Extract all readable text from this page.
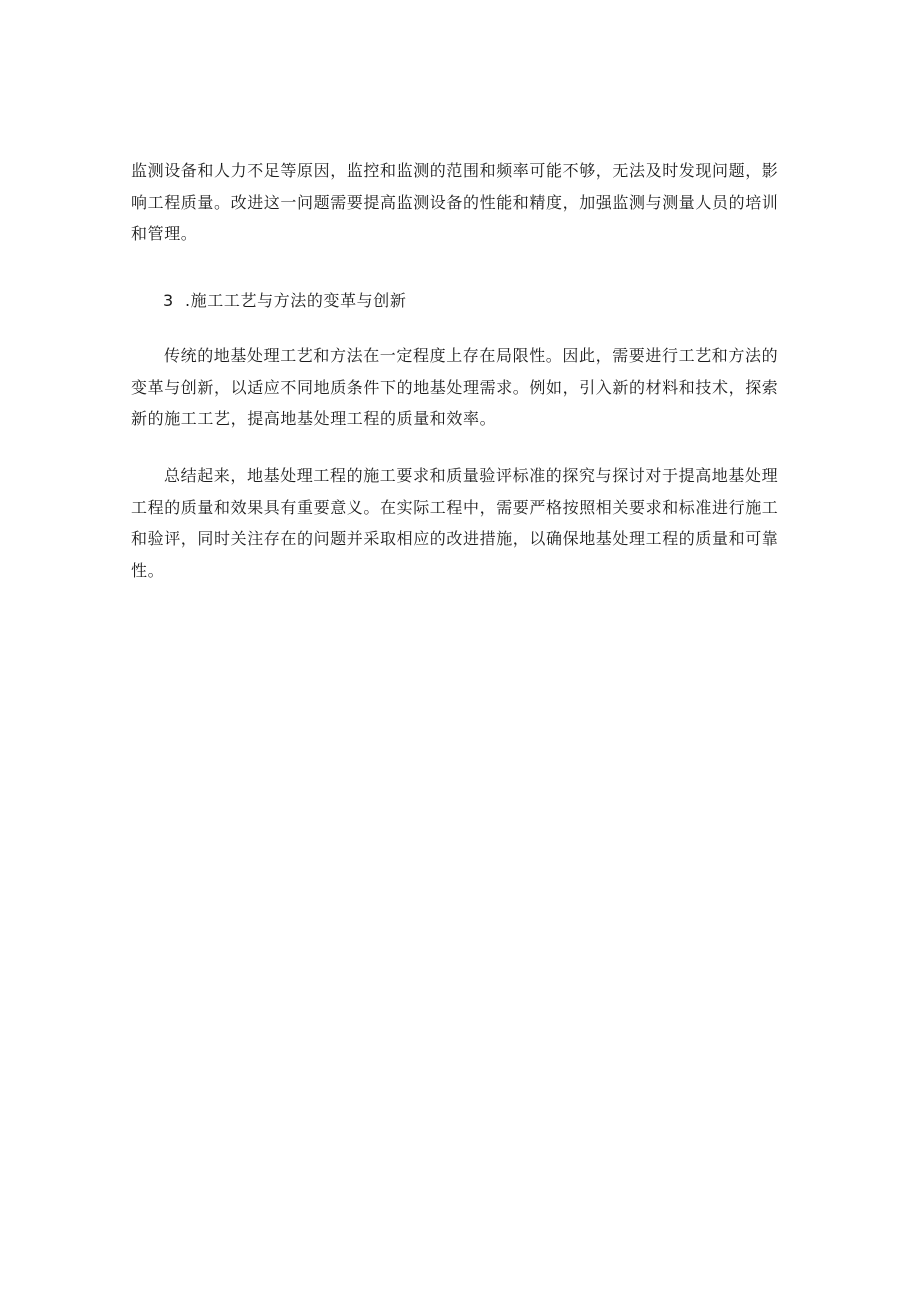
监测设备和人力不足等原因，监控和监测的范围和频率可能不够，无法及时发现问题，影响工程质量。改进这一问题需要提高监测设备的性能和精度，加强监测与测量人员的培训和管理。

3 .施工工艺与方法的变革与创新

传统的地基处理工艺和方法在一定程度上存在局限性。因此，需要进行工艺和方法的变革与创新，以适应不同地质条件下的地基处理需求。例如，引入新的材料和技术，探索新的施工工艺，提高地基处理工程的质量和效率。

总结起来，地基处理工程的施工要求和质量验评标准的探究与探讨对于提高地基处理工程的质量和效果具有重要意义。在实际工程中，需要严格按照相关要求和标准进行施工和验评，同时关注存在的问题并采取相应的改进措施，以确保地基处理工程的质量和可靠性。
